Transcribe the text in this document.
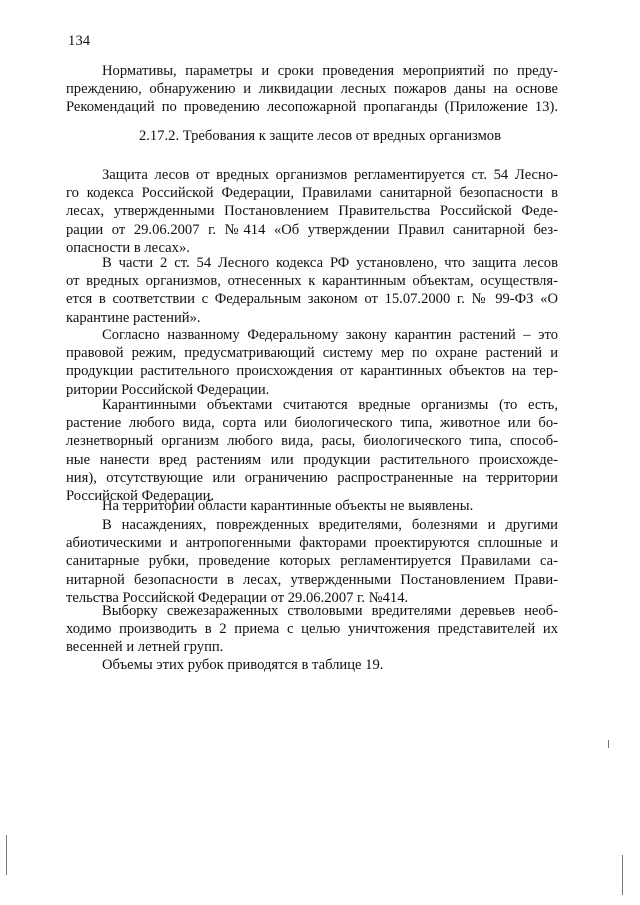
134
Нормативы, параметры и сроки проведения мероприятий по преду-
преждению, обнаружению и ликвидации лесных пожаров даны на основе
Рекомендаций по проведению лесопожарной пропаганды (Приложение 13).
2.17.2. Требования к защите лесов от вредных организмов
Защита лесов от вредных организмов регламентируется ст. 54 Лесно-
го кодекса Российской Федерации, Правилами санитарной безопасности в
лесах, утвержденными Постановлением Правительства Российской Феде-
рации от 29.06.2007 г. №414 «Об утверждении Правил санитарной без-
опасности в лесах».
В части 2 ст. 54 Лесного кодекса РФ установлено, что защита лесов
от вредных организмов, отнесенных к карантинным объектам, осуществля-
ется в соответствии с Федеральным законом от 15.07.2000 г. № 99-ФЗ «О
карантине растений».
Согласно названному Федеральному закону карантин растений – это
правовой режим, предусматривающий систему мер по охране растений и
продукции растительного происхождения от карантинных объектов на тер-
ритории Российской Федерации.
Карантинными объектами считаются вредные организмы (то есть,
растение любого вида, сорта или биологического типа, животное или бо-
лезнетворный организм любого вида, расы, биологического типа, способ-
ные нанести вред растениям или продукции растительного происхожде-
ния), отсутствующие или ограничению распространенные на территории
Российской Федерации.
На территории области карантинные объекты не выявлены.
В насаждениях, поврежденных вредителями, болезнями и другими
абиотическими и антропогенными факторами проектируются сплошные и
санитарные рубки, проведение которых регламентируется Правилами са-
нитарной безопасности в лесах, утвержденными Постановлением Прави-
тельства Российской Федерации от 29.06.2007 г. №414.
Выборку свежезараженных стволовыми вредителями деревьев необ-
ходимо производить в 2 приема с целью уничтожения представителей их
весенней и летней групп.
Объемы этих рубок приводятся в таблице 19.
